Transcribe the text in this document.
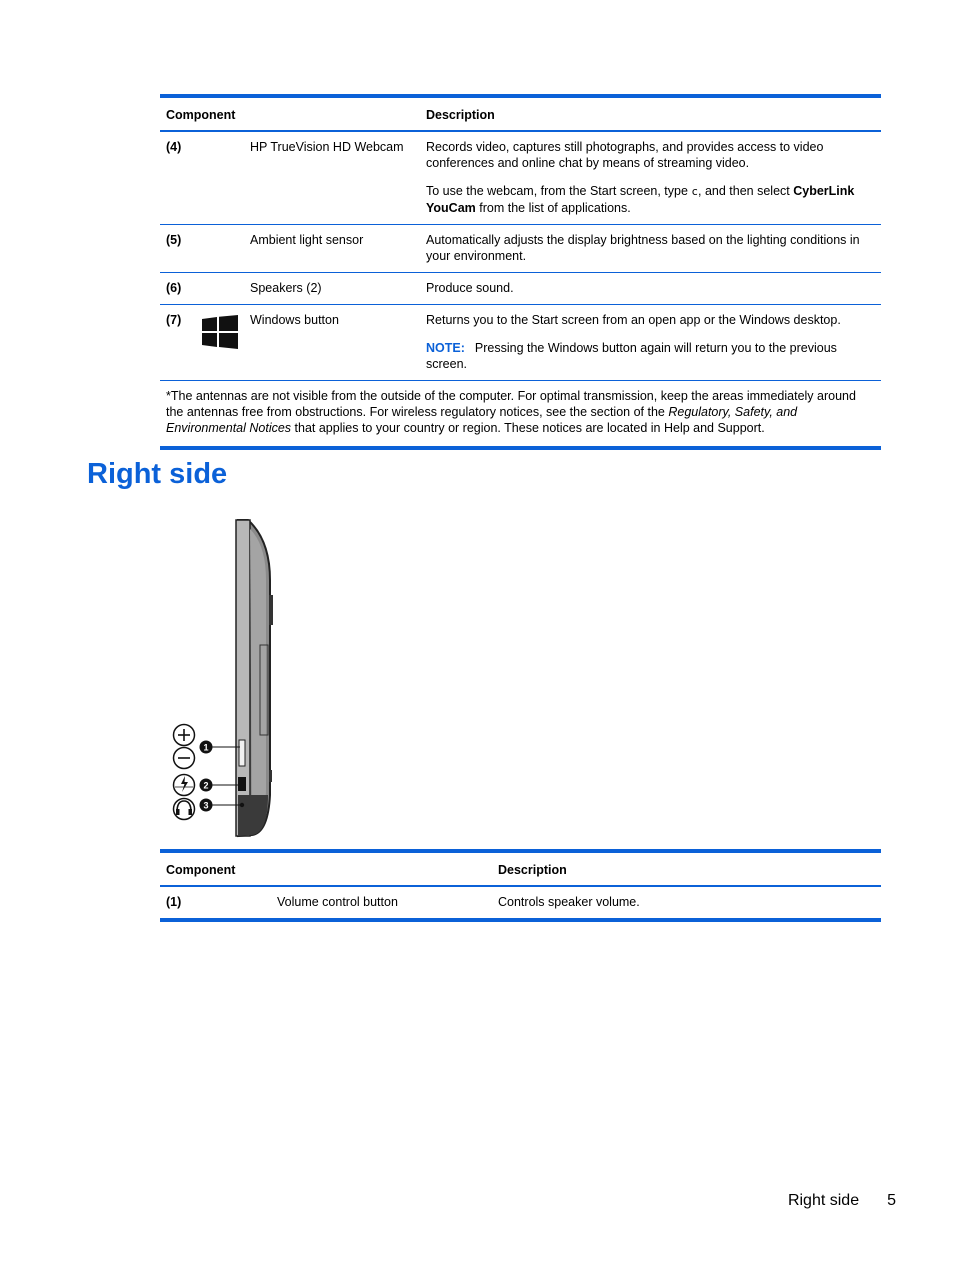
Component		Description
(4)	HP TrueVision HD Webcam	Records video, captures still photographs, and provides access to video conferences and online chat by means of streaming video.

To use the webcam, from the Start screen, type c, and then select CyberLink YouCam from the list of applications.

(5)	Ambient light sensor	Automatically adjusts the display brightness based on the lighting conditions in your environment.
(6)	Speakers (2)	Produce sound.
(7)	Windows button	Returns you to the Start screen from an open app or the Windows desktop.

NOTE: Pressing the Windows button again will return you to the previous screen.

*The antennas are not visible from the outside of the computer. For optimal transmission, keep the areas immediately around the antennas free from obstructions. For wireless regulatory notices, see the section of the Regulatory, Safety, and Environmental Notices that applies to your country or region. These notices are located in Help and Support.		
Right side
1
2
3
Component		Description
(1)	Volume control button	Controls speaker volume.
Right side 5
